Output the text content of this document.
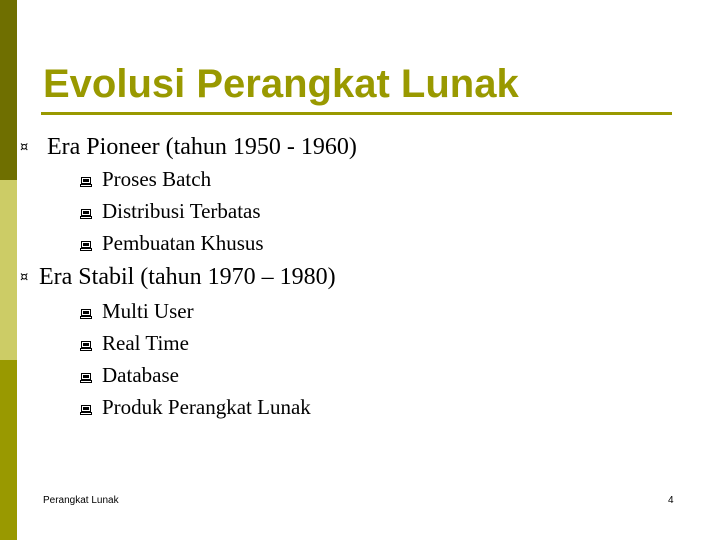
Evolusi Perangkat Lunak
¤ Era Pioneer (tahun 1950 - 1960)
Proses Batch
Distribusi Terbatas
Pembuatan Khusus
¤ Era Stabil (tahun 1970 – 1980)
Multi User
Real Time
Database
Produk Perangkat Lunak
Perangkat Lunak	4
